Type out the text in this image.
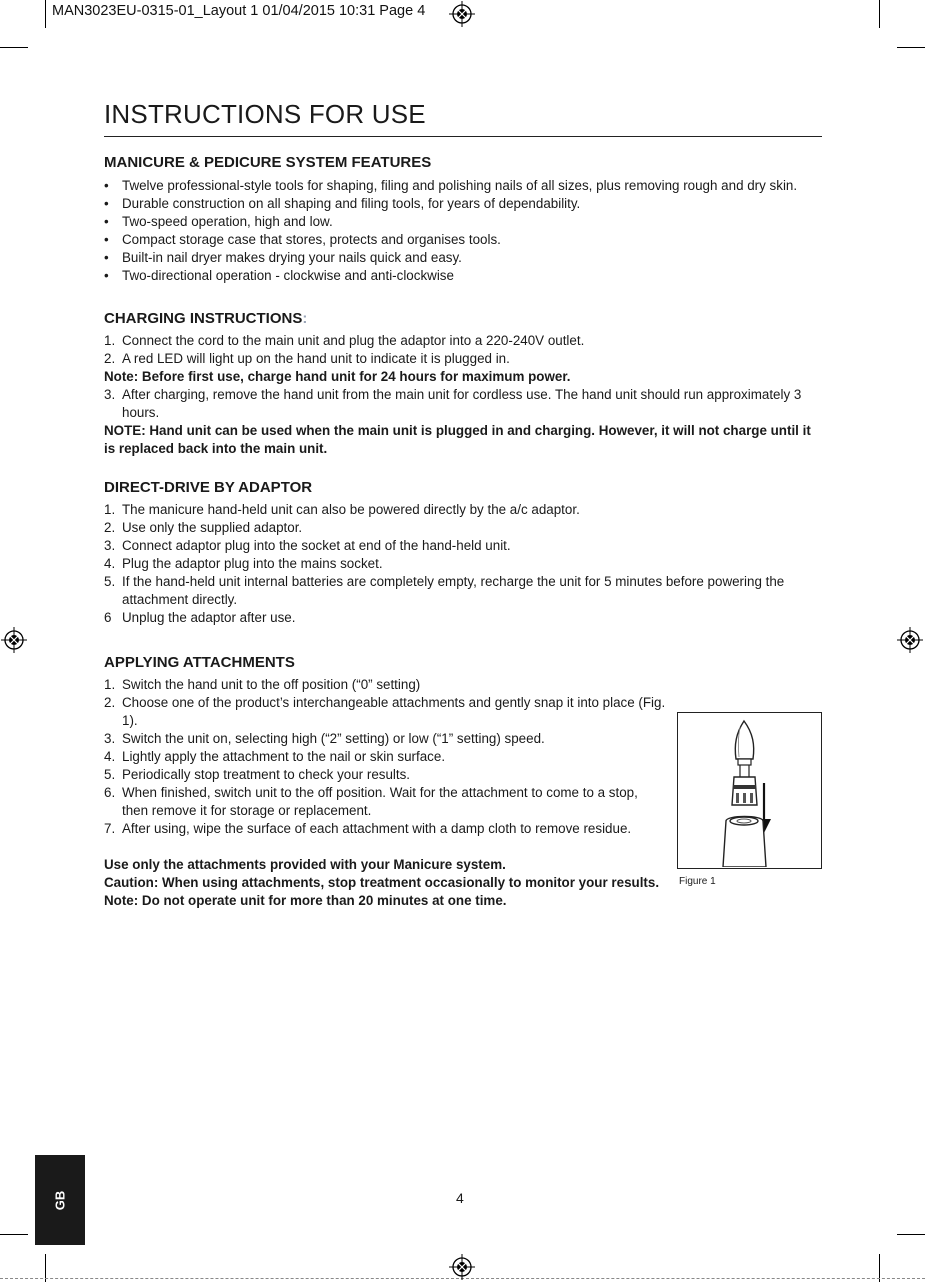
MAN3023EU-0315-01_Layout 1 01/04/2015 10:31 Page 4
INSTRUCTIONS FOR USE
MANICURE & PEDICURE SYSTEM FEATURES
• Twelve professional-style tools for shaping, filing and polishing nails of all sizes, plus removing rough and dry skin.
• Durable construction on all shaping and filing tools, for years of dependability.
• Two-speed operation, high and low.
• Compact storage case that stores, protects and organises tools.
• Built-in nail dryer makes drying your nails quick and easy.
• Two-directional operation - clockwise and anti-clockwise
CHARGING INSTRUCTIONS:
1. Connect the cord to the main unit and plug the adaptor into a 220-240V outlet.
2. A red LED will light up on the hand unit to indicate it is plugged in.
Note: Before first use, charge hand unit for 24 hours for maximum power.
3. After charging, remove the hand unit from the main unit for cordless use. The hand unit should run approximately 3 hours.
NOTE: Hand unit can be used when the main unit is plugged in and charging. However, it will not charge until it is replaced back into the main unit.
DIRECT-DRIVE BY ADAPTOR
1. The manicure hand-held unit can also be powered directly by the a/c adaptor.
2. Use only the supplied adaptor.
3. Connect adaptor plug into the socket at end of the hand-held unit.
4. Plug the adaptor plug into the mains socket.
5. If the hand-held unit internal batteries are completely empty, recharge the unit for 5 minutes before powering the attachment directly.
6 Unplug the adaptor after use.
APPLYING ATTACHMENTS
1. Switch the hand unit to the off position (“0” setting)
2. Choose one of the product’s interchangeable attachments and gently snap it into place (Fig. 1).
3. Switch the unit on, selecting high (“2” setting) or low (“1” setting) speed.
4. Lightly apply the attachment to the nail or skin surface.
5. Periodically stop treatment to check your results.
6. When finished, switch unit to the off position. Wait for the attachment to come to a stop, then remove it for storage or replacement.
7. After using, wipe the surface of each attachment with a damp cloth to remove residue.
Use only the attachments provided with your Manicure system.
Caution: When using attachments, stop treatment occasionally to monitor your results.
Note: Do not operate unit for more than 20 minutes at one time.
Figure 1
GB	4
